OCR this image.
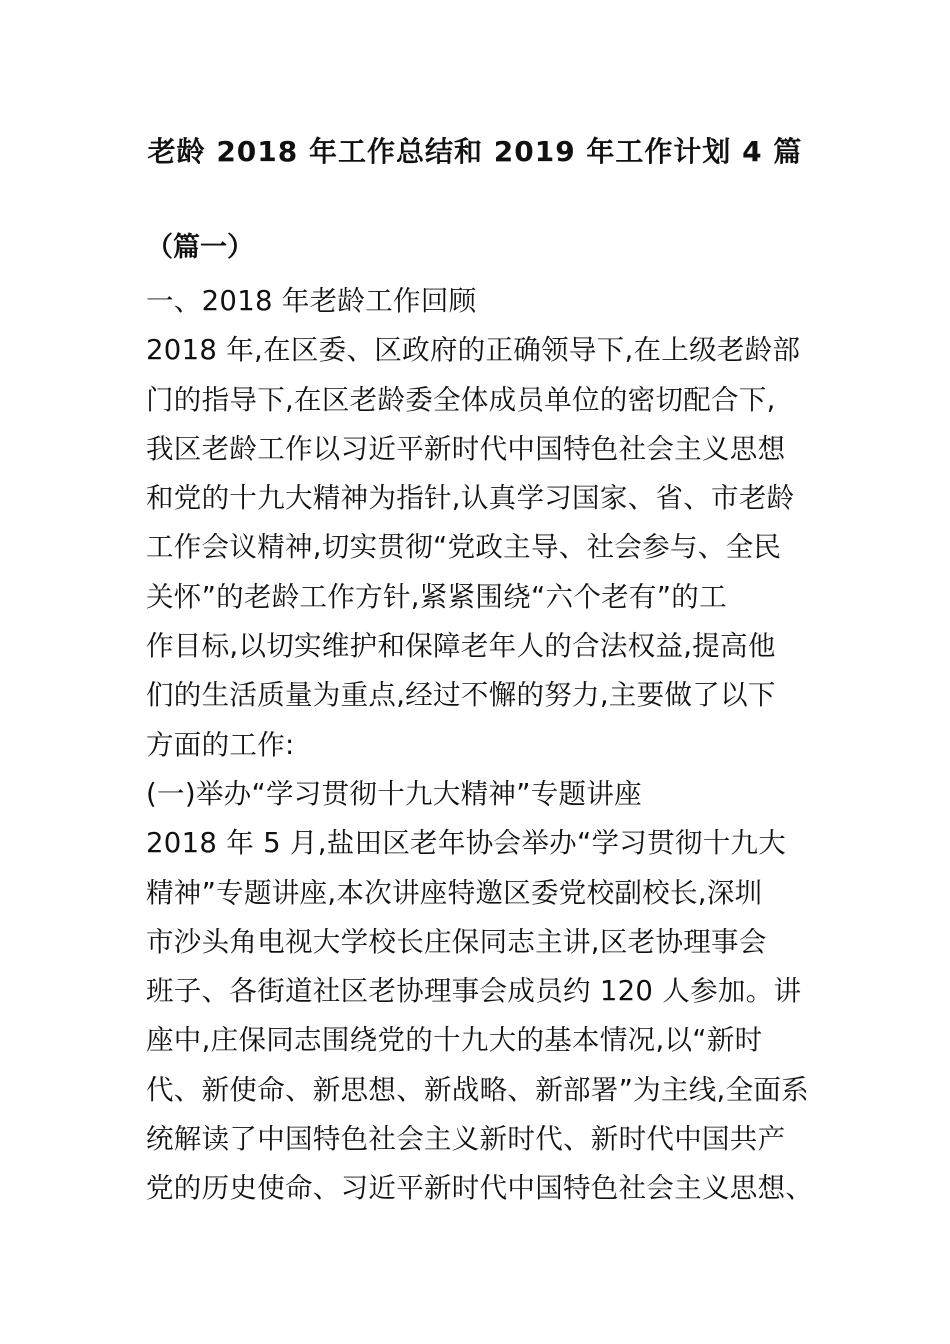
老龄 2018 年工作总结和 2019 年工作计划 4 篇
（篇一）
一、2018 年老龄工作回顾
2018 年,在区委、区政府的正确领导下,在上级老龄部
门的指导下,在区老龄委全体成员单位的密切配合下,
我区老龄工作以习近平新时代中国特色社会主义思想
和党的十九大精神为指针,认真学习国家、省、市老龄
工作会议精神,切实贯彻“党政主导、社会参与、全民
关怀”的老龄工作方针,紧紧围绕“六个老有”的工
作目标,以切实维护和保障老年人的合法权益,提高他
们的生活质量为重点,经过不懈的努力,主要做了以下
方面的工作:
(一)举办“学习贯彻十九大精神”专题讲座
2018 年 5 月,盐田区老年协会举办“学习贯彻十九大
精神”专题讲座,本次讲座特邀区委党校副校长,深圳
市沙头角电视大学校长庄保同志主讲,区老协理事会
班子、各街道社区老协理事会成员约 120 人参加。讲
座中,庄保同志围绕党的十九大的基本情况,以“新时
代、新使命、新思想、新战略、新部署”为主线,全面系
统解读了中国特色社会主义新时代、新时代中国共产
党的历史使命、习近平新时代中国特色社会主义思想、
